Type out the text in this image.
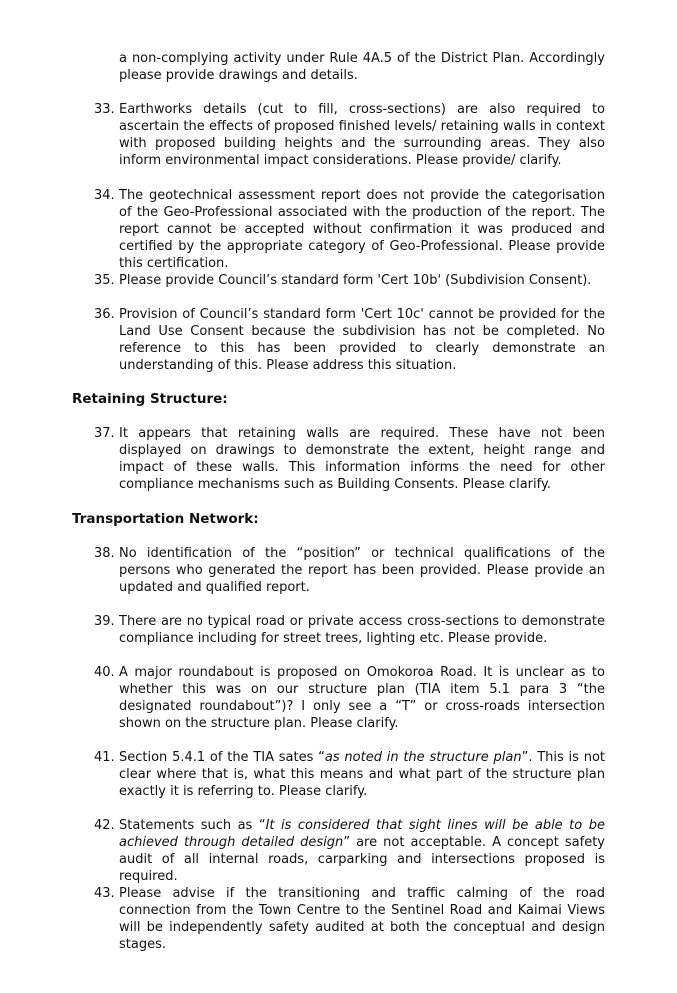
a non-complying activity under Rule 4A.5 of the District Plan. Accordingly please provide drawings and details.

33. Earthworks details (cut to fill, cross-sections) are also required to ascertain the effects of proposed finished levels/ retaining walls in context with proposed building heights and the surrounding areas. They also inform environmental impact considerations. Please provide/ clarify.
34. The geotechnical assessment report does not provide the categorisation of the Geo-Professional associated with the production of the report. The report cannot be accepted without confirmation it was produced and certified by the appropriate category of Geo-Professional. Please provide this certification.
35. Please provide Council’s standard form 'Cert 10b' (Subdivision Consent).
36. Provision of Council’s standard form 'Cert 10c' cannot be provided for the Land Use Consent because the subdivision has not be completed. No reference to this has been provided to clearly demonstrate an understanding of this. Please address this situation.

Retaining Structure:

37. It appears that retaining walls are required. These have not been displayed on drawings to demonstrate the extent, height range and impact of these walls. This information informs the need for other compliance mechanisms such as Building Consents. Please clarify.

Transportation Network:

38. No identification of the “position” or technical qualifications of the persons who generated the report has been provided. Please provide an updated and qualified report.
39. There are no typical road or private access cross-sections to demonstrate compliance including for street trees, lighting etc. Please provide.
40. A major roundabout is proposed on Omokoroa Road. It is unclear as to whether this was on our structure plan (TIA item 5.1 para 3 “the designated roundabout”)? I only see a “T” or cross-roads intersection shown on the structure plan. Please clarify.
41. Section 5.4.1 of the TIA sates “as noted in the structure plan”. This is not clear where that is, what this means and what part of the structure plan exactly it is referring to. Please clarify.
42. Statements such as “It is considered that sight lines will be able to be achieved through detailed design” are not acceptable. A concept safety audit of all internal roads, carparking and intersections proposed is required.
43. Please advise if the transitioning and traffic calming of the road connection from the Town Centre to the Sentinel Road and Kaimai Views will be independently safety audited at both the conceptual and design stages.
